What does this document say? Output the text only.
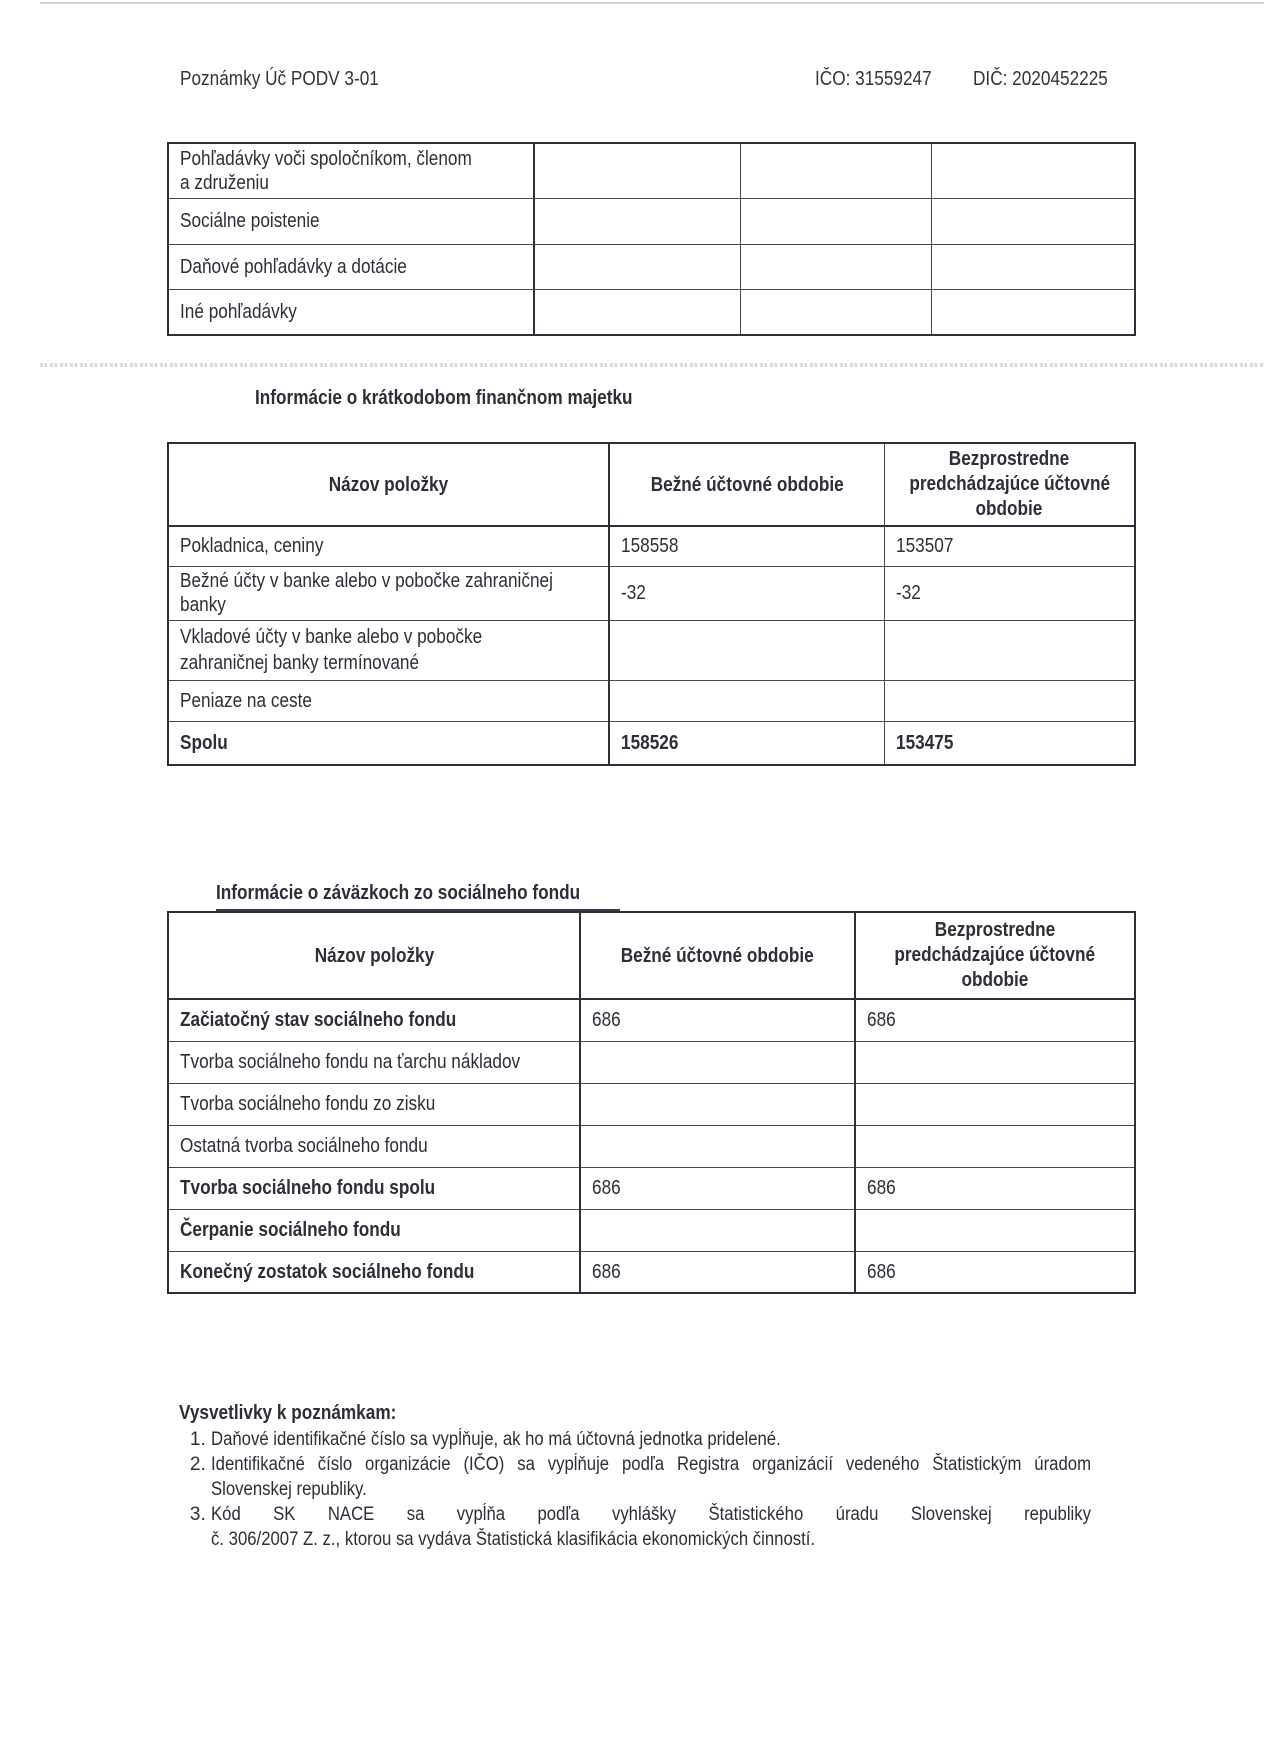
Poznámky Úč PODV 3-01	IČO: 31559247 DIČ: 2020452225
Pohľadávky voči spoločníkom, členom
a združeniu			
Sociálne poistenie			
Daňové pohľadávky a dotácie			
Iné pohľadávky			
Informácie o krátkodobom finančnom majetku
Názov položky	Bežné účtovné obdobie	Bezprostredne
predchádzajúce účtovné
obdobie
Pokladnica, ceniny	158558	153507
Bežné účty v banke alebo v pobočke zahraničnej
banky	-32	-32
Vkladové účty v banke alebo v pobočke
zahraničnej banky termínované		
Peniaze na ceste		
Spolu	158526	153475
Informácie o záväzkoch zo sociálneho fondu
Názov položky	Bežné účtovné obdobie	Bezprostredne
predchádzajúce účtovné
obdobie
Začiatočný stav sociálneho fondu	686	686
Tvorba sociálneho fondu na ťarchu nákladov		
Tvorba sociálneho fondu zo zisku		
Ostatná tvorba sociálneho fondu		
Tvorba sociálneho fondu spolu	686	686
Čerpanie sociálneho fondu		
Konečný zostatok sociálneho fondu	686	686
Vysvetlivky k poznámkam:
1. Daňové identifikačné číslo sa vypĺňuje, ak ho má účtovná jednotka pridelené.
2. Identifikačné číslo organizácie (IČO) sa vypĺňuje podľa Registra organizácií vedeného Štatistickým úradom
Slovenskej republiky.
3. Kód SK NACE sa vypĺňa podľa vyhlášky Štatistického úradu Slovenskej republiky
č. 306/2007 Z. z., ktorou sa vydáva Štatistická klasifikácia ekonomických činností.
